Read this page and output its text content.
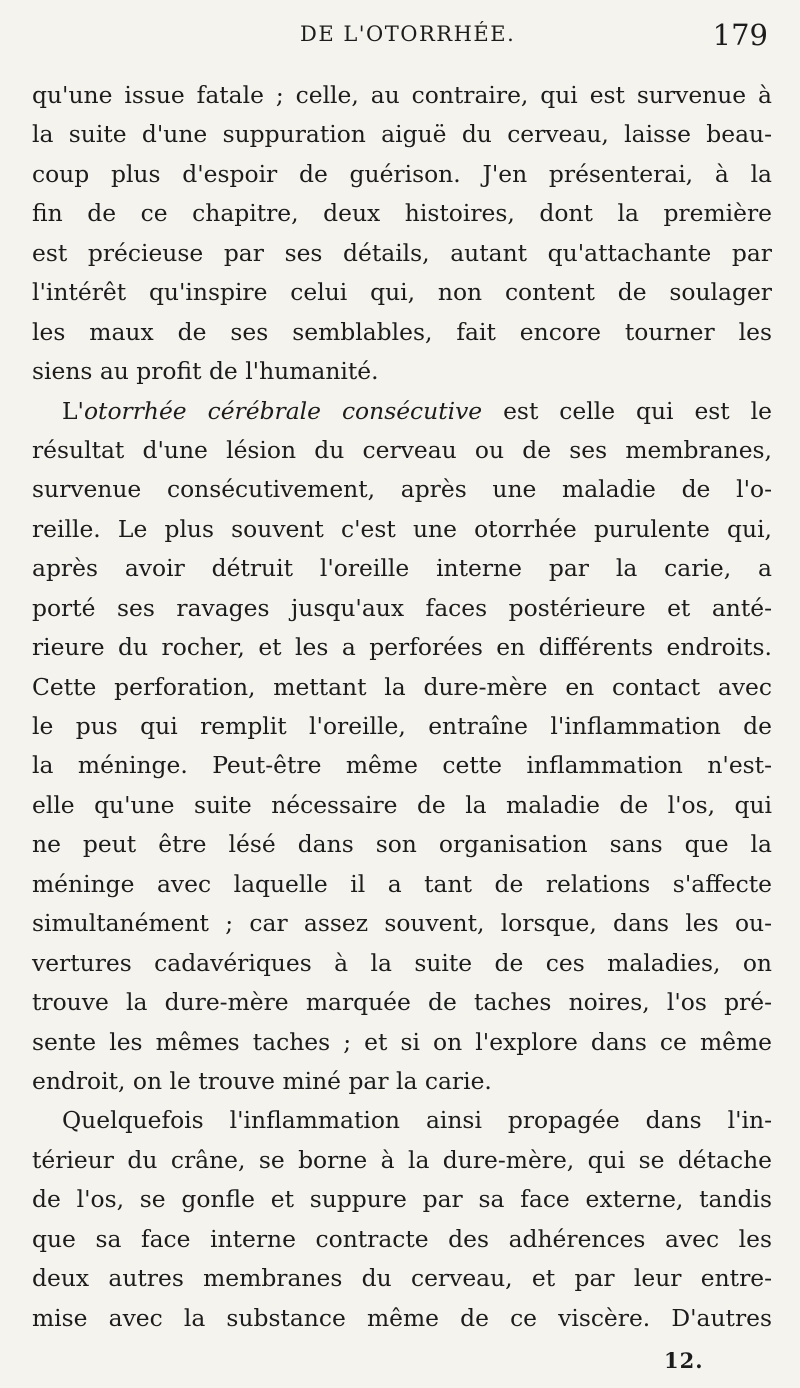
DE L'OTORRHÉE.	179
qu'une issue fatale ; celle, au contraire, qui est survenue à
la suite d'une suppuration aiguë du cerveau, laisse beau-
coup plus d'espoir de guérison. J'en présenterai, à la
fin de ce chapitre, deux histoires, dont la première
est précieuse par ses détails, autant qu'attachante par
l'intérêt qu'inspire celui qui, non content de soulager
les maux de ses semblables, fait encore tourner les
siens au profit de l'humanité.
L'otorrhée cérébrale consécutive est celle qui est le
résultat d'une lésion du cerveau ou de ses membranes,
survenue consécutivement, après une maladie de l'o-
reille. Le plus souvent c'est une otorrhée purulente qui,
après avoir détruit l'oreille interne par la carie, a
porté ses ravages jusqu'aux faces postérieure et anté-
rieure du rocher, et les a perforées en différents endroits.
Cette perforation, mettant la dure-mère en contact avec
le pus qui remplit l'oreille, entraîne l'inflammation de
la méninge. Peut-être même cette inflammation n'est-
elle qu'une suite nécessaire de la maladie de l'os, qui
ne peut être lésé dans son organisation sans que la
méninge avec laquelle il a tant de relations s'affecte
simultanément ; car assez souvent, lorsque, dans les ou-
vertures cadavériques à la suite de ces maladies, on
trouve la dure-mère marquée de taches noires, l'os pré-
sente les mêmes taches ; et si on l'explore dans ce même
endroit, on le trouve miné par la carie.
Quelquefois l'inflammation ainsi propagée dans l'in-
térieur du crâne, se borne à la dure-mère, qui se détache
de l'os, se gonfle et suppure par sa face externe, tandis
que sa face interne contracte des adhérences avec les
deux autres membranes du cerveau, et par leur entre-
mise avec la substance même de ce viscère. D'autres
12.
